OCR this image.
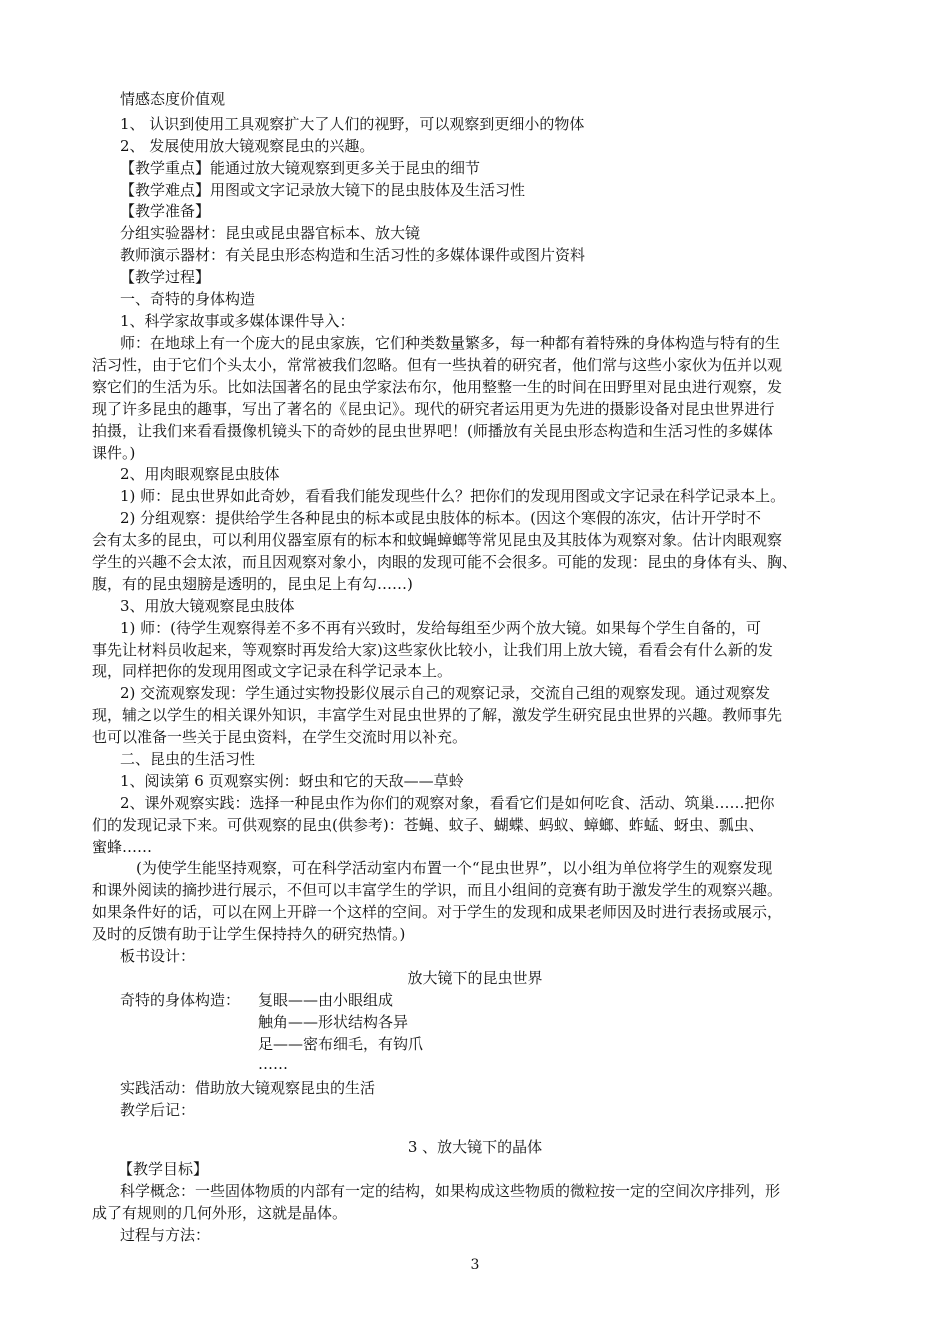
情感态度价值观
1、 认识到使用工具观察扩大了人们的视野，可以观察到更细小的物体
2、 发展使用放大镜观察昆虫的兴趣。
【教学重点】能通过放大镜观察到更多关于昆虫的细节
【教学难点】用图或文字记录放大镜下的昆虫肢体及生活习性
【教学准备】
分组实验器材：昆虫或昆虫器官标本、放大镜
教师演示器材：有关昆虫形态构造和生活习性的多媒体课件或图片资料
【教学过程】
一、奇特的身体构造
1、科学家故事或多媒体课件导入：
师：在地球上有一个庞大的昆虫家族，它们种类数量繁多，每一种都有着特殊的身体构造与特有的生
活习性，由于它们个头太小，常常被我们忽略。但有一些执着的研究者，他们常与这些小家伙为伍并以观
察它们的生活为乐。比如法国著名的昆虫学家法布尔，他用整整一生的时间在田野里对昆虫进行观察，发
现了许多昆虫的趣事，写出了著名的《昆虫记》。现代的研究者运用更为先进的摄影设备对昆虫世界进行
拍摄，让我们来看看摄像机镜头下的奇妙的昆虫世界吧！(师播放有关昆虫形态构造和生活习性的多媒体
课件。)
2、用肉眼观察昆虫肢体
1) 师：昆虫世界如此奇妙，看看我们能发现些什么？把你们的发现用图或文字记录在科学记录本上。
2) 分组观察：提供给学生各种昆虫的标本或昆虫肢体的标本。(因这个寒假的冻灾，估计开学时不
会有太多的昆虫，可以利用仪器室原有的标本和蚊蝇蟑螂等常见昆虫及其肢体为观察对象。估计肉眼观察
学生的兴趣不会太浓，而且因观察对象小，肉眼的发现可能不会很多。可能的发现：昆虫的身体有头、胸、
腹，有的昆虫翅膀是透明的，昆虫足上有勾……)
3、用放大镜观察昆虫肢体
1) 师：(待学生观察得差不多不再有兴致时，发给每组至少两个放大镜。如果每个学生自备的，可
事先让材料员收起来，等观察时再发给大家)这些家伙比较小，让我们用上放大镜，看看会有什么新的发
现，同样把你的发现用图或文字记录在科学记录本上。
2) 交流观察发现：学生通过实物投影仪展示自己的观察记录，交流自己组的观察发现。通过观察发
现，辅之以学生的相关课外知识，丰富学生对昆虫世界的了解，激发学生研究昆虫世界的兴趣。教师事先
也可以准备一些关于昆虫资料，在学生交流时用以补充。
二、昆虫的生活习性
1、阅读第 6 页观察实例：蚜虫和它的天敌——草蛉
2、课外观察实践：选择一种昆虫作为你们的观察对象，看看它们是如何吃食、活动、筑巢……把你
们的发现记录下来。可供观察的昆虫(供参考)：苍蝇、蚊子、蝴蝶、蚂蚁、蟑螂、蚱蜢、蚜虫、瓢虫、
蜜蜂……
(为使学生能坚持观察，可在科学活动室内布置一个“昆虫世界”，以小组为单位将学生的观察发现
和课外阅读的摘抄进行展示，不但可以丰富学生的学识，而且小组间的竞赛有助于激发学生的观察兴趣。
如果条件好的话，可以在网上开辟一个这样的空间。对于学生的发现和成果老师因及时进行表扬或展示，
及时的反馈有助于让学生保持持久的研究热情。)
板书设计：
放大镜下的昆虫世界
奇特的身体构造： 复眼——由小眼组成
触角——形状结构各异
足——密布细毛，有钩爪
……
实践活动：借助放大镜观察昆虫的生活
教学后记：
3 、放大镜下的晶体
【教学目标】
科学概念：一些固体物质的内部有一定的结构，如果构成这些物质的微粒按一定的空间次序排列，形
成了有规则的几何外形，这就是晶体。
过程与方法：
3
